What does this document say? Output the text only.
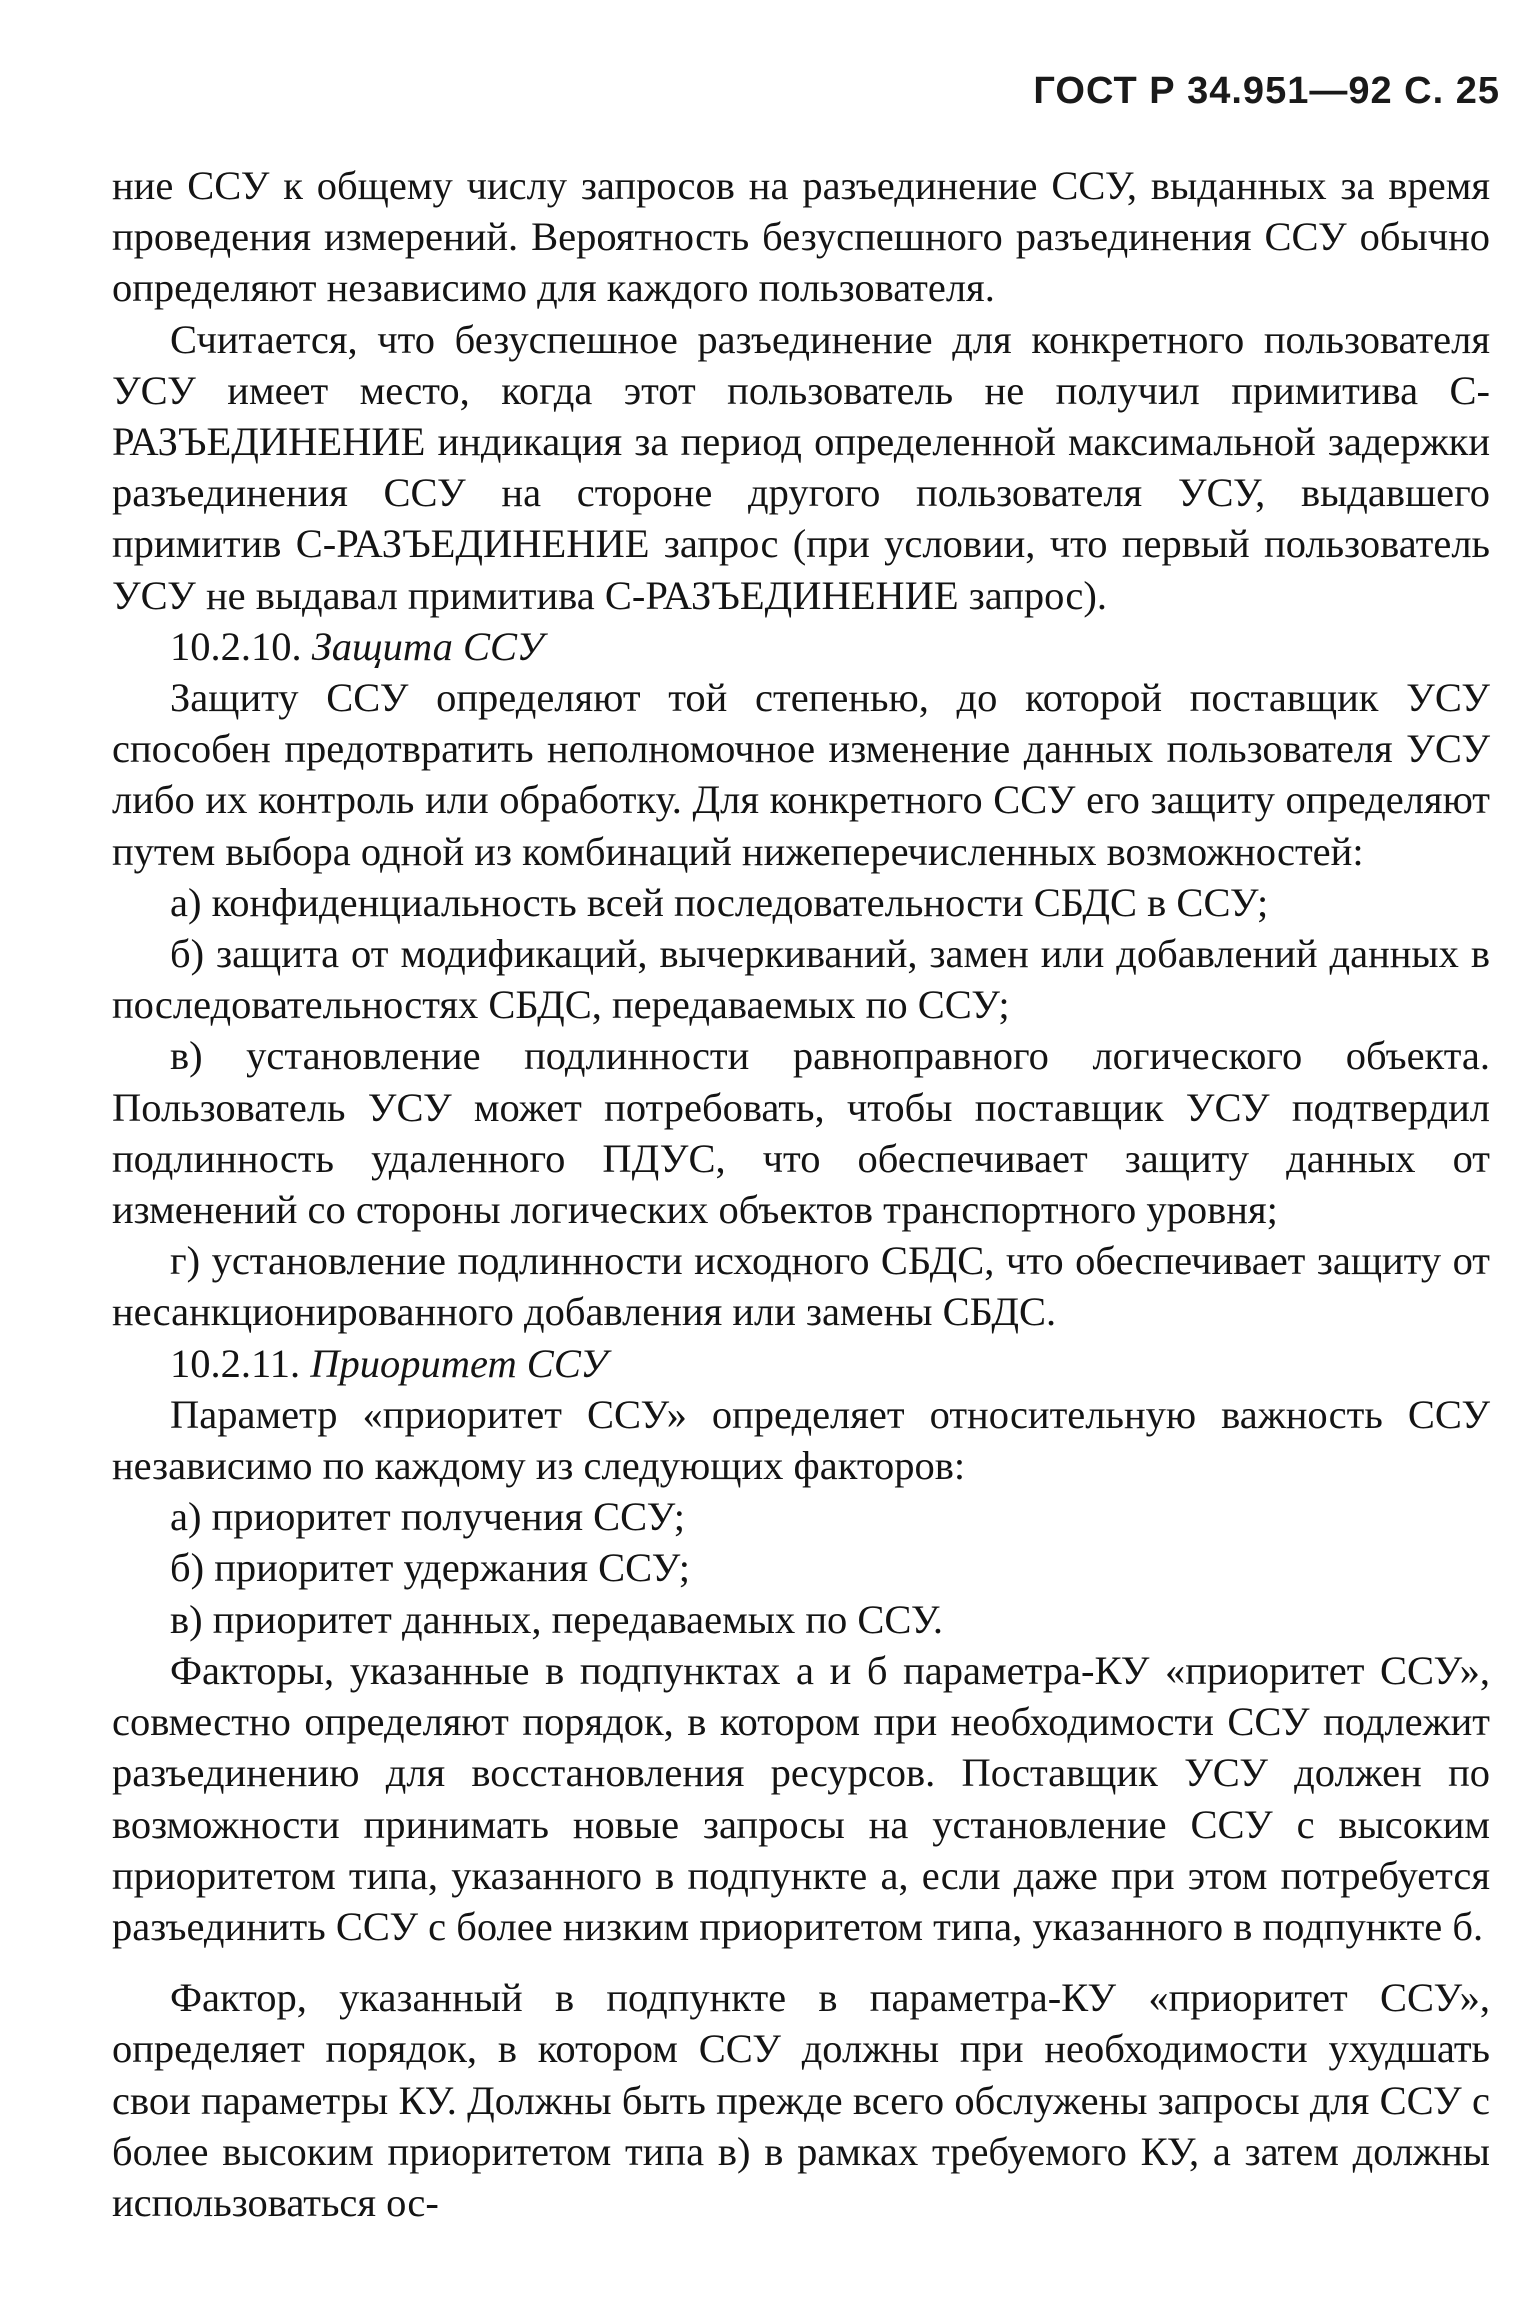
ГОСТ Р 34.951—92 С. 25

ние ССУ к общему числу запросов на разъединение ССУ, выданных за время проведения измерений. Вероятность безуспешного разъединения ССУ обычно определяют независимо для каждого пользователя.

Считается, что безуспешное разъединение для конкретного пользователя УСУ имеет место, когда этот пользователь не получил примитива С-РАЗЪЕДИНЕНИЕ индикация за период определенной максимальной задержки разъединения ССУ на стороне другого пользователя УСУ, выдавшего примитив С-РАЗЪЕДИНЕНИЕ запрос (при условии, что первый пользователь УСУ не выдавал примитива С-РАЗЪЕДИНЕНИЕ запрос).

10.2.10. Защита ССУ

Защиту ССУ определяют той степенью, до которой поставщик УСУ способен предотвратить неполномочное изменение данных пользователя УСУ либо их контроль или обработку. Для конкретного ССУ его защиту определяют путем выбора одной из комбинаций нижеперечисленных возможностей:

а) конфиденциальность всей последовательности СБДС в ССУ;

б) защита от модификаций, вычеркиваний, замен или добавлений данных в последовательностях СБДС, передаваемых по ССУ;

в) установление подлинности равноправного логического объекта. Пользователь УСУ может потребовать, чтобы поставщик УСУ подтвердил подлинность удаленного ПДУС, что обеспечивает защиту данных от изменений со стороны логических объектов транспортного уровня;

г) установление подлинности исходного СБДС, что обеспечивает защиту от несанкционированного добавления или замены СБДС.

10.2.11. Приоритет ССУ

Параметр «приоритет ССУ» определяет относительную важность ССУ независимо по каждому из следующих факторов:

а) приоритет получения ССУ;

б) приоритет удержания ССУ;

в) приоритет данных, передаваемых по ССУ.

Факторы, указанные в подпунктах а и б параметра-КУ «приоритет ССУ», совместно определяют порядок, в котором при необходимости ССУ подлежит разъединению для восстановления ресурсов. Поставщик УСУ должен по возможности принимать новые запросы на установление ССУ с высоким приоритетом типа, указанного в подпункте а, если даже при этом потребуется разъединить ССУ с более низким приоритетом типа, указанного в подпункте б.

Фактор, указанный в подпункте в параметра-КУ «приоритет ССУ», определяет порядок, в котором ССУ должны при необходимости ухудшать свои параметры КУ. Должны быть прежде всего обслужены запросы для ССУ с более высоким приоритетом типа в) в рамках требуемого КУ, а затем должны использоваться ос-
